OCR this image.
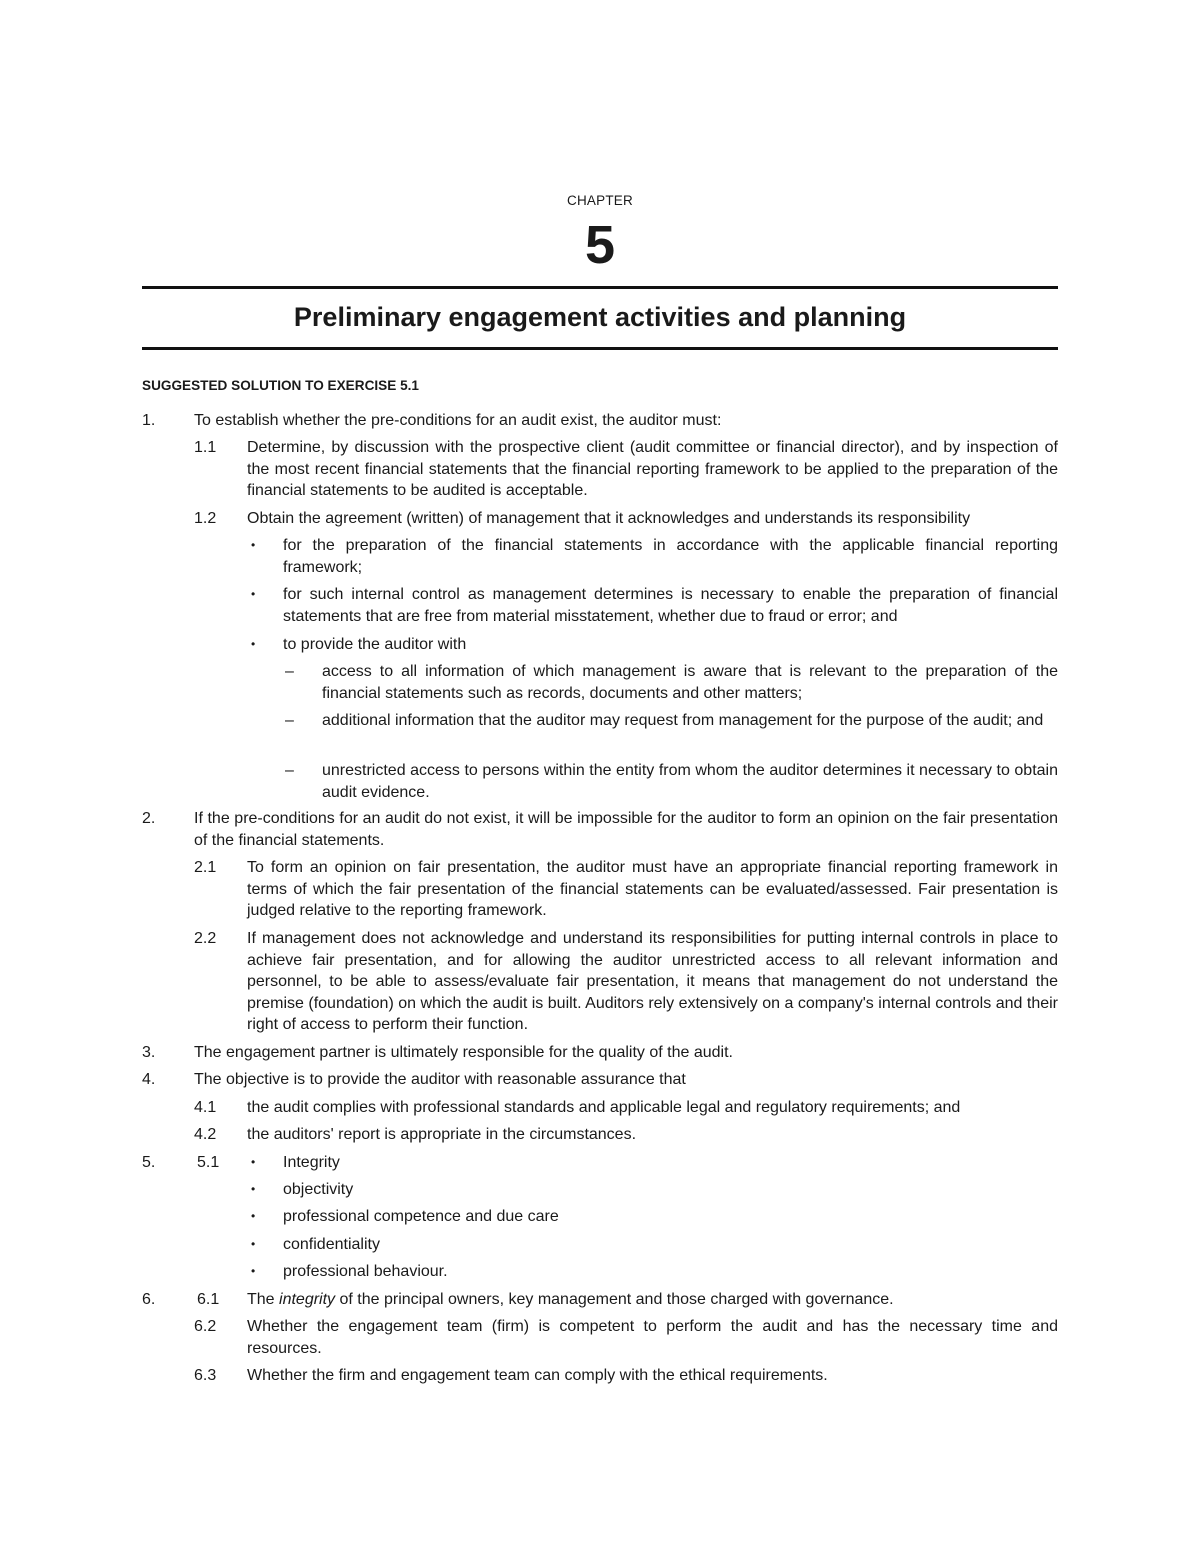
CHAPTER
5
Preliminary engagement activities and planning
SUGGESTED SOLUTION TO EXERCISE 5.1
1. To establish whether the pre-conditions for an audit exist, the auditor must:
1.1 Determine, by discussion with the prospective client (audit committee or financial director), and by inspection of the most recent financial statements that the financial reporting framework to be applied to the preparation of the financial statements to be audited is acceptable.
1.2 Obtain the agreement (written) of management that it acknowledges and understands its responsibility
• for the preparation of the financial statements in accordance with the applicable financial reporting framework;
• for such internal control as management determines is necessary to enable the preparation of financial statements that are free from material misstatement, whether due to fraud or error; and
• to provide the auditor with
– access to all information of which management is aware that is relevant to the preparation of the financial statements such as records, documents and other matters;
– additional information that the auditor may request from management for the purpose of the audit; and
– unrestricted access to persons within the entity from whom the auditor determines it necessary to obtain audit evidence.
2. If the pre-conditions for an audit do not exist, it will be impossible for the auditor to form an opinion on the fair presentation of the financial statements.
2.1 To form an opinion on fair presentation, the auditor must have an appropriate financial reporting framework in terms of which the fair presentation of the financial statements can be evaluated/assessed. Fair presentation is judged relative to the reporting framework.
2.2 If management does not acknowledge and understand its responsibilities for putting internal controls in place to achieve fair presentation, and for allowing the auditor unrestricted access to all relevant information and personnel, to be able to assess/evaluate fair presentation, it means that management do not understand the premise (foundation) on which the audit is built. Auditors rely extensively on a company's internal controls and their right of access to perform their function.
3. The engagement partner is ultimately responsible for the quality of the audit.
4. The objective is to provide the auditor with reasonable assurance that
4.1 the audit complies with professional standards and applicable legal and regulatory requirements; and
4.2 the auditors' report is appropriate in the circumstances.
5.	5.1	• Integrity
• objectivity
• professional competence and due care
• confidentiality
• professional behaviour.
6.	6.1 The integrity of the principal owners, key management and those charged with governance.
6.2 Whether the engagement team (firm) is competent to perform the audit and has the necessary time and resources.
6.3 Whether the firm and engagement team can comply with the ethical requirements.
